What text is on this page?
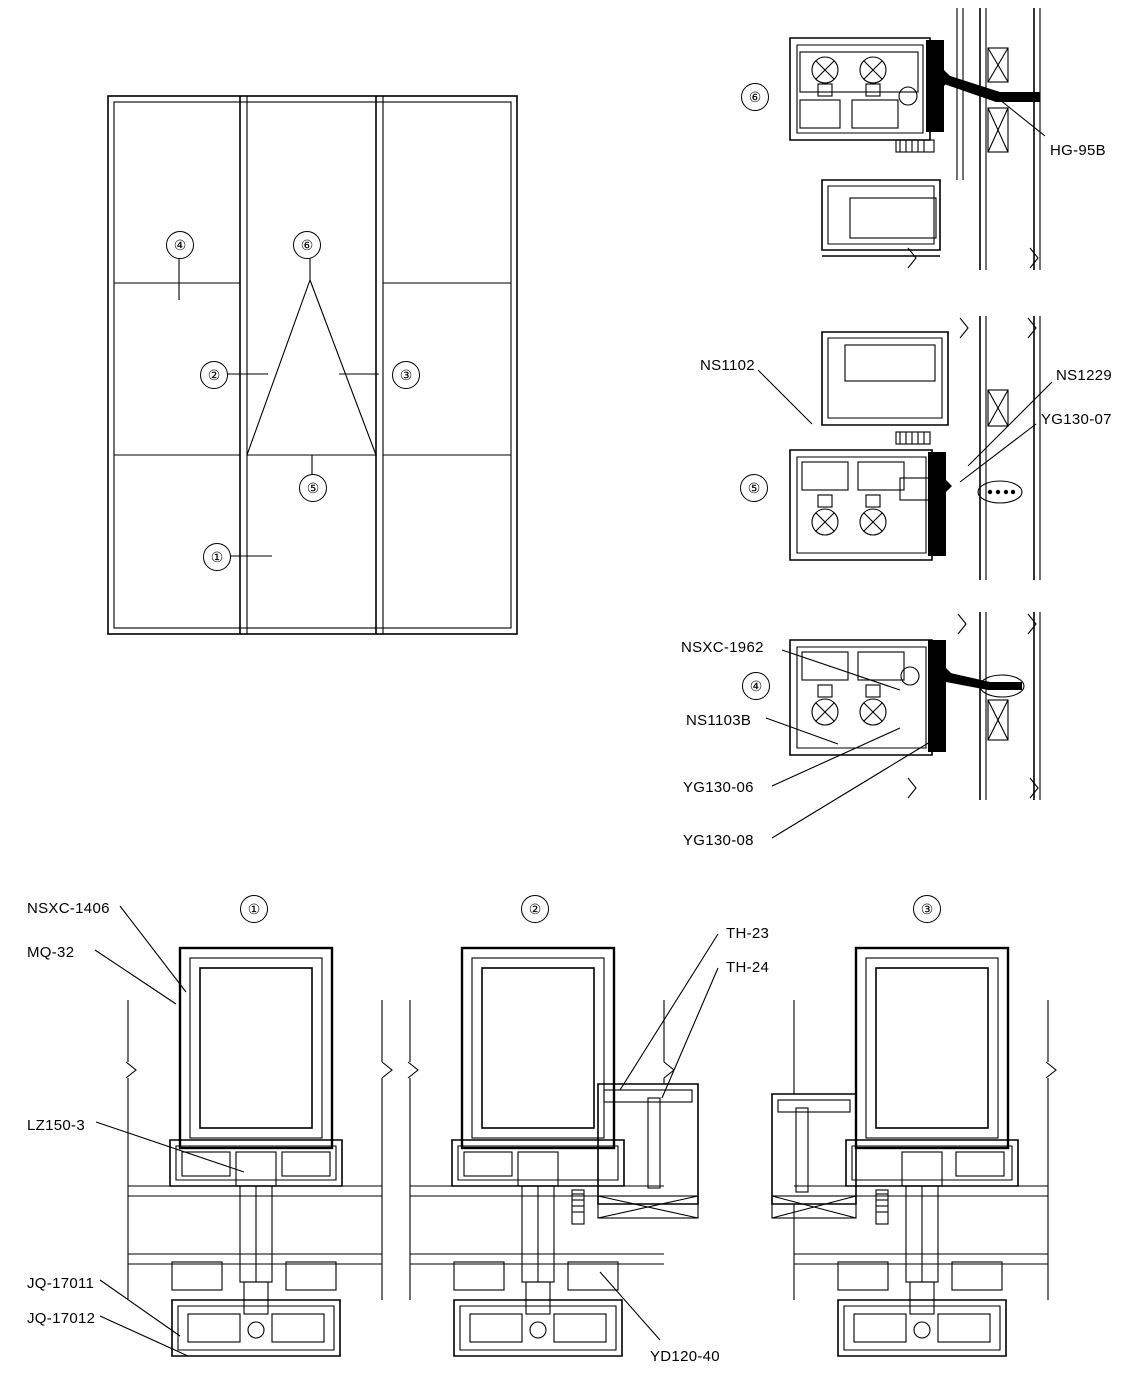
④	⑥
②	③
⑤
①
⑥
⑤
④
①	②	③
HG-95B
NS1102
NS1229
YG130-07
NSXC-1962
NS1103B
YG130-06
YG130-08
NSXC-1406
MQ-32
LZ150-3
JQ-17011
JQ-17012
TH-23
TH-24
YD120-40
